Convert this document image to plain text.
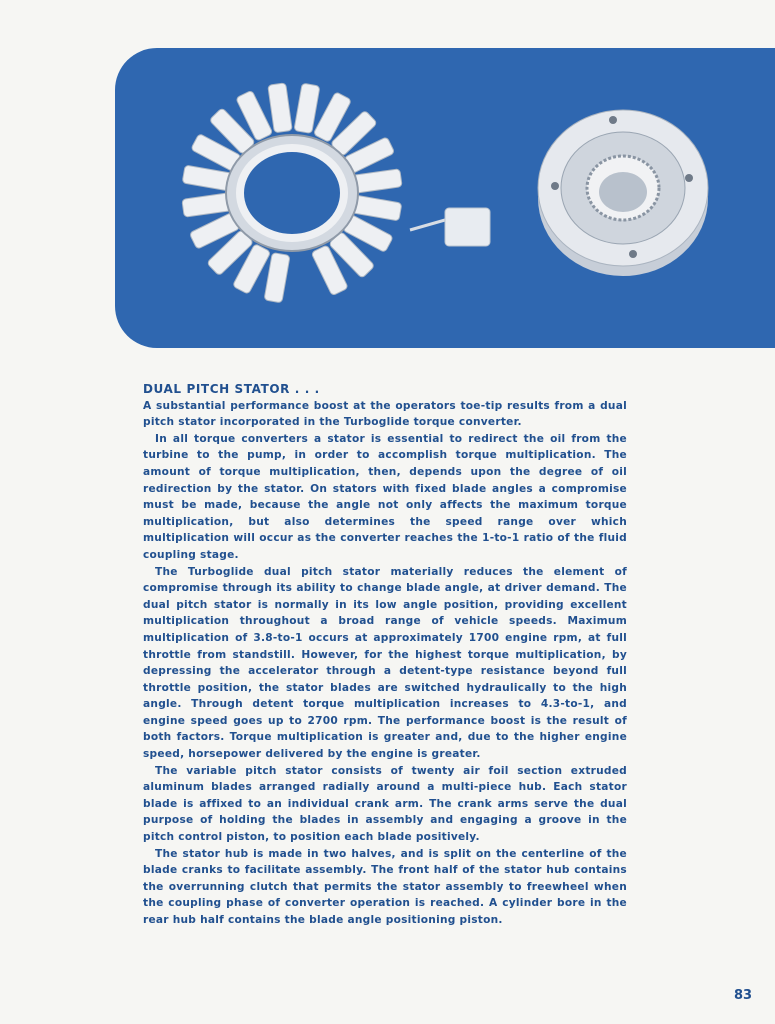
DUAL PITCH STATOR . . .

A substantial performance boost at the operators toe-tip results from a dual pitch stator incorporated in the Turboglide torque converter.

In all torque converters a stator is essential to redirect the oil from the turbine to the pump, in order to accomplish torque multiplication. The amount of torque multiplication, then, depends upon the degree of oil redirection by the stator. On stators with fixed blade angles a compromise must be made, because the angle not only affects the maximum torque multiplication, but also determines the speed range over which multiplication will occur as the converter reaches the 1-to-1 ratio of the fluid coupling stage.

The Turboglide dual pitch stator materially reduces the element of compromise through its ability to change blade angle, at driver demand. The dual pitch stator is normally in its low angle position, providing excellent multiplication throughout a broad range of vehicle speeds. Maximum multiplication of 3.8-to-1 occurs at approximately 1700 engine rpm, at full throttle from standstill. However, for the highest torque multiplication, by depressing the accelerator through a detent-type resistance beyond full throttle position, the stator blades are switched hydraulically to the high angle. Through detent torque multiplication increases to 4.3-to-1, and engine speed goes up to 2700 rpm. The performance boost is the result of both factors. Torque multiplication is greater and, due to the higher engine speed, horsepower delivered by the engine is greater.

The variable pitch stator consists of twenty air foil section extruded aluminum blades arranged radially around a multi-piece hub. Each stator blade is affixed to an individual crank arm. The crank arms serve the dual purpose of holding the blades in assembly and engaging a groove in the pitch control piston, to position each blade positively.

The stator hub is made in two halves, and is split on the centerline of the blade cranks to facilitate assembly. The front half of the stator hub contains the overrunning clutch that permits the stator assembly to freewheel when the coupling phase of converter operation is reached. A cylinder bore in the rear hub half contains the blade angle positioning piston.

83
